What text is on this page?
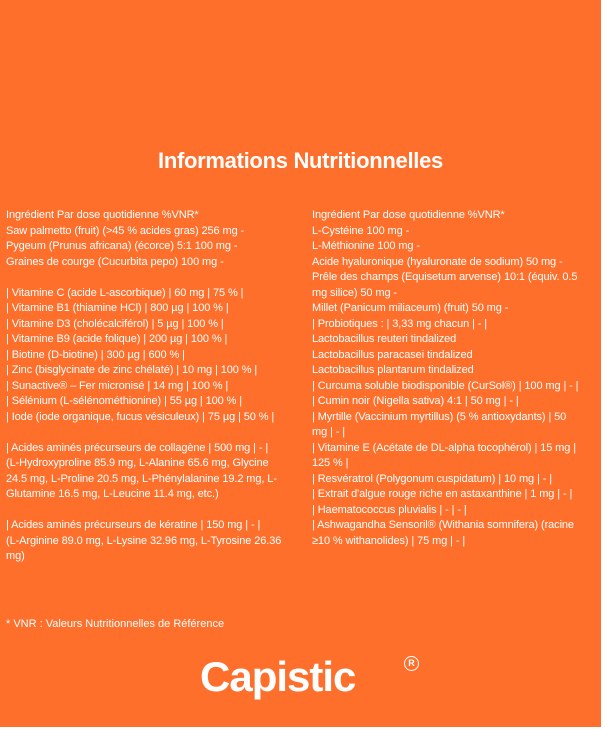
Informations Nutritionnelles
Ingrédient Par dose quotidienne %VNR*
Saw palmetto (fruit) (>45 % acides gras) 256 mg -
Pygeum (Prunus africana) (écorce) 5:1 100 mg -
Graines de courge (Cucurbita pepo) 100 mg -
| Vitamine C (acide L-ascorbique) | 60 mg | 75 % |
| Vitamine B1 (thiamine HCl) | 800 µg | 100 % |
| Vitamine D3 (cholécalciférol) | 5 µg | 100 % |
| Vitamine B9 (acide folique) | 200 µg | 100 % |
| Biotine (D-biotine) | 300 µg | 600 % |
| Zinc (bisglycinate de zinc chélaté) | 10 mg | 100 % |
| Sunactive® – Fer micronisé | 14 mg | 100 % |
| Sélénium (L-sélénométhionine) | 55 µg | 100 % |
| Iode (iode organique, fucus vésiculeux) | 75 µg | 50 % |
| Acides aminés précurseurs de collagène | 500 mg | - |
(L-Hydroxyproline 85.9 mg, L-Alanine 65.6 mg, Glycine
24.5 mg, L-Proline 20.5 mg, L-Phénylalanine 19.2 mg, L-
Glutamine 16.5 mg, L-Leucine 11.4 mg, etc.)
| Acides aminés précurseurs de kératine | 150 mg | - |
(L-Arginine 89.0 mg, L-Lysine 32.96 mg, L-Tyrosine 26.36
mg)
Ingrédient Par dose quotidienne %VNR*
L-Cystéine 100 mg -
L-Méthionine 100 mg -
Acide hyaluronique (hyaluronate de sodium) 50 mg -
Prêle des champs (Equisetum arvense) 10:1 (équiv. 0.5
mg silice) 50 mg -
Millet (Panicum miliaceum) (fruit) 50 mg -
| Probiotiques : | 3,33 mg chacun | - |
Lactobacillus reuteri tindalized
Lactobacillus paracasei tindalized
Lactobacillus plantarum tindalized
| Curcuma soluble biodisponible (CurSol®) | 100 mg | - |
| Cumin noir (Nigella sativa) 4:1 | 50 mg | - |
| Myrtille (Vaccinium myrtillus) (5 % antioxydants) | 50
mg | - |
| Vitamine E (Acétate de DL-alpha tocophérol) | 15 mg |
125 % |
| Resvératrol (Polygonum cuspidatum) | 10 mg | - |
| Extrait d'algue rouge riche en astaxanthine | 1 mg | - |
| Haematococcus pluvialis | - | - |
| Ashwagandha Sensoril® (Withania somnifera) (racine
≥10 % withanolides) | 75 mg | - |
* VNR : Valeurs Nutritionnelles de Référence
Capistic	R
